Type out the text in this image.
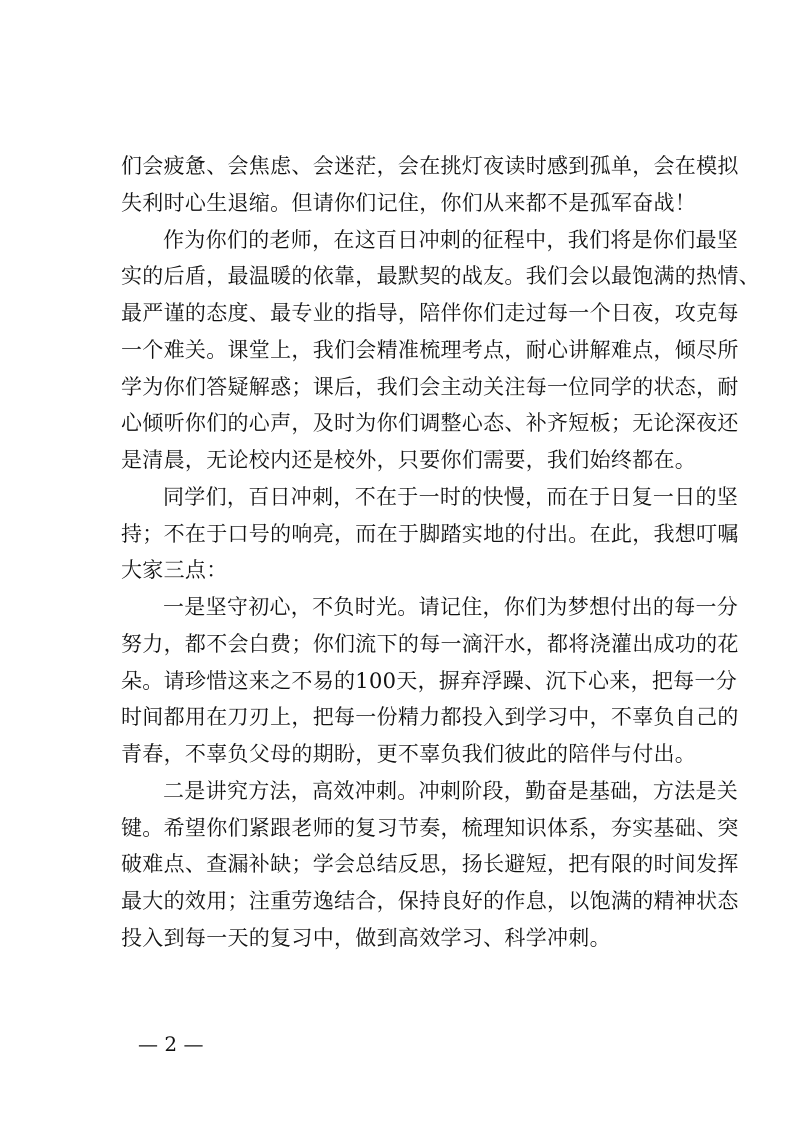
们会疲惫、会焦虑、会迷茫，会在挑灯夜读时感到孤单，会在模拟
失利时心生退缩。但请你们记住，你们从来都不是孤军奋战！
作为你们的老师，在这百日冲刺的征程中，我们将是你们最坚
实的后盾，最温暖的依靠，最默契的战友。我们会以最饱满的热情、
最严谨的态度、最专业的指导，陪伴你们走过每一个日夜，攻克每
一个难关。课堂上，我们会精准梳理考点，耐心讲解难点，倾尽所
学为你们答疑解惑；课后，我们会主动关注每一位同学的状态，耐
心倾听你们的心声，及时为你们调整心态、补齐短板；无论深夜还
是清晨，无论校内还是校外，只要你们需要，我们始终都在。
同学们，百日冲刺，不在于一时的快慢，而在于日复一日的坚
持；不在于口号的响亮，而在于脚踏实地的付出。在此，我想叮嘱
大家三点：
一是坚守初心，不负时光。请记住，你们为梦想付出的每一分
努力，都不会白费；你们流下的每一滴汗水，都将浇灌出成功的花
朵。请珍惜这来之不易的100天，摒弃浮躁、沉下心来，把每一分
时间都用在刀刃上，把每一份精力都投入到学习中，不辜负自己的
青春，不辜负父母的期盼，更不辜负我们彼此的陪伴与付出。
二是讲究方法，高效冲刺。冲刺阶段，勤奋是基础，方法是关
键。希望你们紧跟老师的复习节奏，梳理知识体系，夯实基础、突
破难点、查漏补缺；学会总结反思，扬长避短，把有限的时间发挥
最大的效用；注重劳逸结合，保持良好的作息，以饱满的精神状态
投入到每一天的复习中，做到高效学习、科学冲刺。
— 2 —
